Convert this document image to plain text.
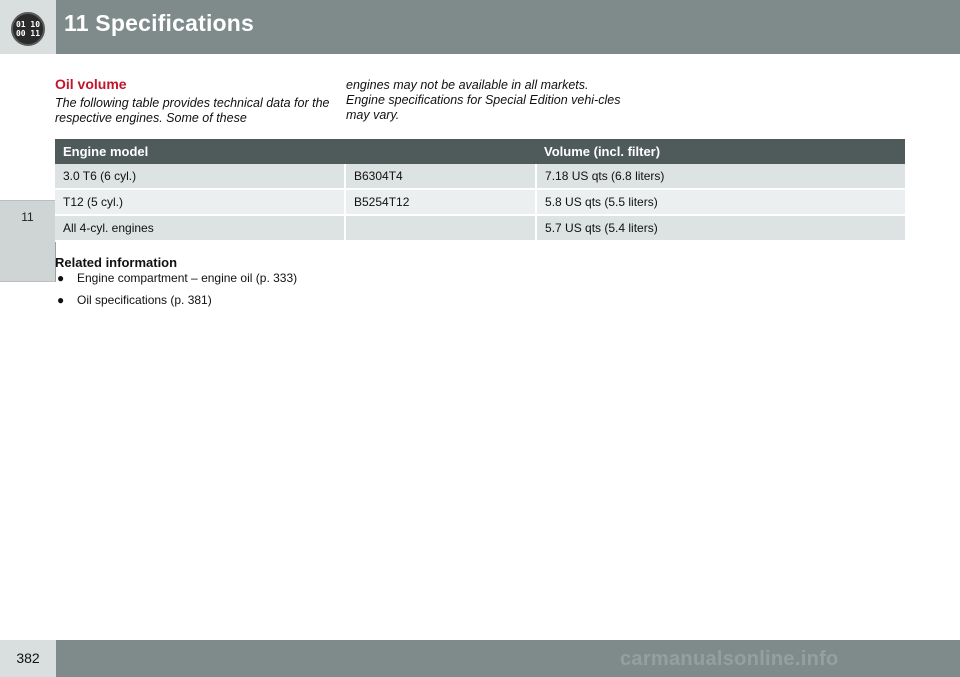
01 10
00 11 11 Specifications
11
Oil volume
The following table provides technical data for the respective engines. Some of these
engines may not be available in all markets. Engine specifications for Special Edition vehi-cles may vary.
Engine model		Volume (incl. filter)
3.0 T6 (6 cyl.)	B6304T4	7.18 US qts (6.8 liters)
T12 (5 cyl.)	B5254T12	5.8 US qts (5.5 liters)
All 4-cyl. engines		5.7 US qts (5.4 liters)
Related information
● Engine compartment – engine oil (p. 333)
● Oil specifications (p. 381)
382	carmanualsonline.info
